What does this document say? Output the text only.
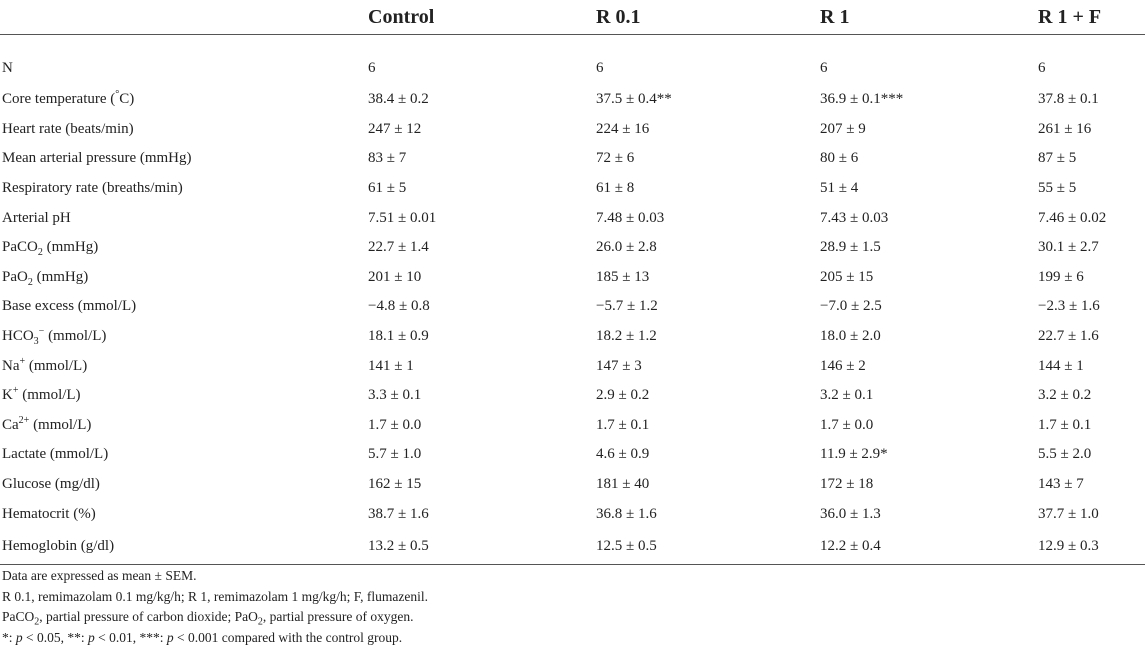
	Control	R 0.1	R 1	R 1 + F
N	6	6	6	6
Core temperature (°C)	38.4 ± 0.2	37.5 ± 0.4**	36.9 ± 0.1***	37.8 ± 0.1
Heart rate (beats/min)	247 ± 12	224 ± 16	207 ± 9	261 ± 16
Mean arterial pressure (mmHg)	83 ± 7	72 ± 6	80 ± 6	87 ± 5
Respiratory rate (breaths/min)	61 ± 5	61 ± 8	51 ± 4	55 ± 5
Arterial pH	7.51 ± 0.01	7.48 ± 0.03	7.43 ± 0.03	7.46 ± 0.02
PaCO$_2$ (mmHg)	22.7 ± 1.4	26.0 ± 2.8	28.9 ± 1.5	30.1 ± 2.7
PaO$_2$ (mmHg)	201 ± 10	185 ± 13	205 ± 15	199 ± 6
Base excess (mmol/L)	−4.8 ± 0.8	−5.7 ± 1.2	−7.0 ± 2.5	−2.3 ± 1.6
$HCO_3^-$ (mmol/L)	18.1 ± 0.9	18.2 ± 1.2	18.0 ± 2.0	22.7 ± 1.6
Na+ (mmol/L)	141 ± 1	147 ± 3	146 ± 2	144 ± 1
K+ (mmol/L)	3.3 ± 0.1	2.9 ± 0.2	3.2 ± 0.1	3.2 ± 0.2
$Ca^{2+}$ (mmol/L)	1.7 ± 0.0	1.7 ± 0.1	1.7 ± 0.0	1.7 ± 0.1
Lactate (mmol/L)	5.7 ± 1.0	4.6 ± 0.9	11.9 ± 2.9*	5.5 ± 2.0
Glucose (mg/dl)	162 ± 15	181 ± 40	172 ± 18	143 ± 7
Hematocrit (%)	38.7 ± 1.6	36.8 ± 1.6	36.0 ± 1.3	37.7 ± 1.0
Hemoglobin (g/dl)	13.2 ± 0.5	12.5 ± 0.5	12.2 ± 0.4	12.9 ± 0.3
Data are expressed as mean ± SEM.
R 0.1, remimazolam 0.1 mg/kg/h; R 1, remimazolam 1 mg/kg/h; F, flumazenil.
PaCO$_2$, partial pressure of carbon dioxide; PaO$_2$, partial pressure of oxygen.
*: p < 0.05, **: p < 0.01, ***: p < 0.001 compared with the control group.
